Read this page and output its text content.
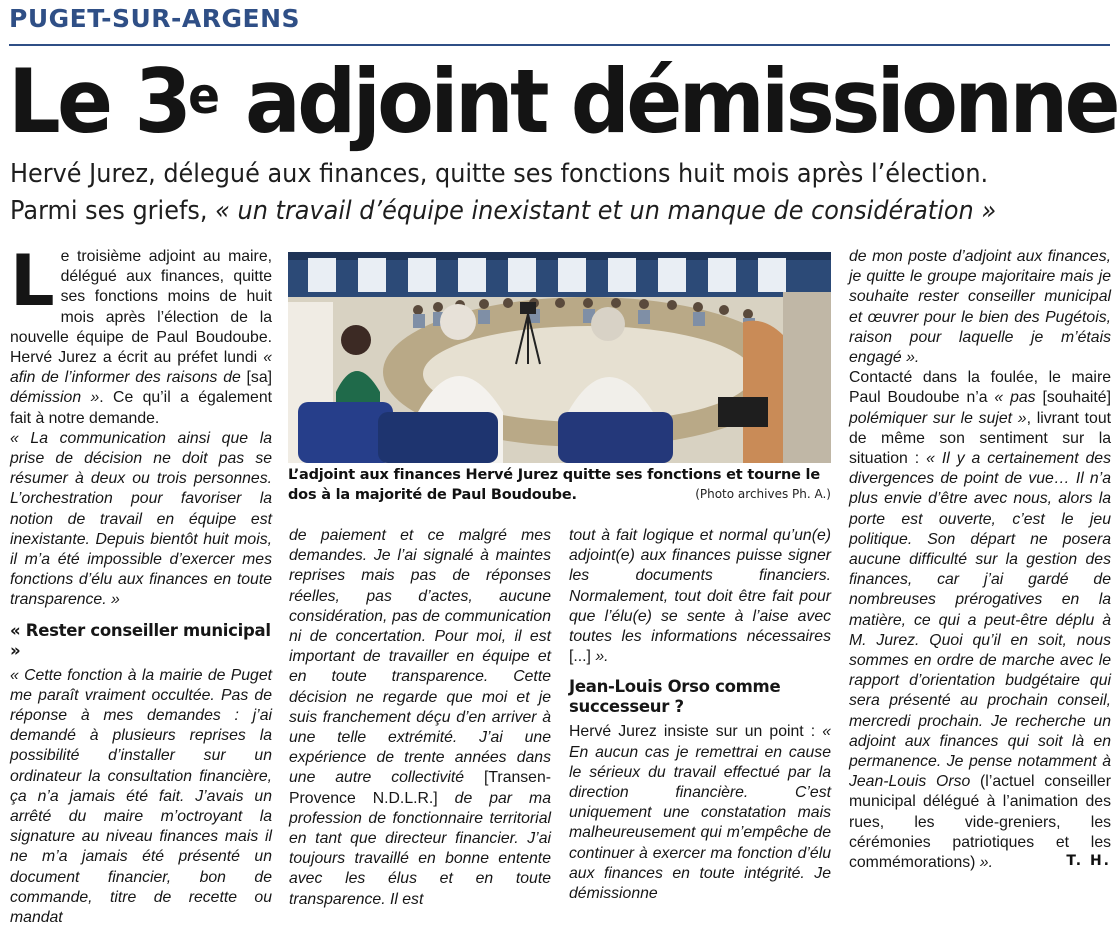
PUGET-SUR-ARGENS
Le 3e adjoint démissionne
Hervé Jurez, délegué aux finances, quitte ses fonctions huit mois après l’élection.
Parmi ses griefs, « un travail d’équipe inexistant et un manque de considération »
L e troisième adjoint au maire, délégué aux finances, quitte ses fonctions moins de huit mois après l’élection de la nouvelle équipe de Paul Boudoube. Hervé Jurez a écrit au préfet lundi « afin de l’informer des raisons de [sa] démission ». Ce qu’il a également fait à notre demande.

« La communication ainsi que la prise de décision ne doit pas se résumer à deux ou trois personnes. L’orchestration pour favoriser la notion de travail en équipe est inexistante. Depuis bientôt huit mois, il m’a été impossible d’exercer mes fonctions d’élu aux finances en toute transparence. »

« Rester conseiller municipal »

« Cette fonction à la mairie de Puget me paraît vraiment occultée. Pas de réponse à mes demandes : j’ai demandé à plusieurs reprises la possibilité d’installer sur un ordinateur la consultation financière, ça n’a jamais été fait. J’avais un arrêté du maire m’octroyant la signature au niveau finances mais il ne m’a jamais été présenté un document financier, bon de commande, titre de recette ou mandat

L’adjoint aux finances Hervé Jurez quitte ses fonctions et tourne le dos à la majorité de Paul Boudoube.	(Photo archives Ph. A.)

de paiement et ce malgré mes demandes. Je l’ai signalé à maintes reprises mais pas de réponses réelles, pas d’actes, aucune considération, pas de communication ni de concertation. Pour moi, il est important de travailler en équipe et en toute transparence. Cette décision ne regarde que moi et je suis franchement déçu d’en arriver à une telle extrémité. J’ai une expérience de trente années dans une autre collectivité [Transen-Provence N.D.L.R.] de par ma profession de fonctionnaire territorial en tant que directeur financier. J’ai toujours travaillé en bonne entente avec les élus et en toute transparence. Il est

tout à fait logique et normal qu’un(e) adjoint(e) aux finances puisse signer les documents financiers. Normalement, tout doit être fait pour que l’élu(e) se sente à l’aise avec toutes les informations nécessaires [...] ».

Jean-Louis Orso comme successeur ?

Hervé Jurez insiste sur un point : « En aucun cas je remettrai en cause le sérieux du travail effectué par la direction financière. C’est uniquement une constatation mais malheureusement qui m’empêche de continuer à exercer ma fonction d’élu aux finances en toute intégrité. Je démissionne

de mon poste d’adjoint aux finances, je quitte le groupe majoritaire mais je souhaite rester conseiller municipal et œuvrer pour le bien des Pugétois, raison pour laquelle je m’étais engagé ».

Contacté dans la foulée, le maire Paul Boudoube n’a « pas [souhaité] polémiquer sur le sujet », livrant tout de même son sentiment sur la situation : « Il y a certainement des divergences de point de vue… Il n’a plus envie d’être avec nous, alors la porte est ouverte, c’est le jeu politique. Son départ ne posera aucune difficulté sur la gestion des finances, car j’ai gardé de nombreuses prérogatives en la matière, ce qui a peut-être déplu à M. Jurez. Quoi qu’il en soit, nous sommes en ordre de marche avec le rapport d’orientation budgétaire qui sera présenté au prochain conseil, mercredi prochain. Je recherche un adjoint aux finances qui soit là en permanence. Je pense notamment à Jean-Louis Orso (l’actuel conseiller municipal délégué à l’animation des rues, les vide-greniers, les cérémonies patriotiques et les commémorations) ».	T. H.
